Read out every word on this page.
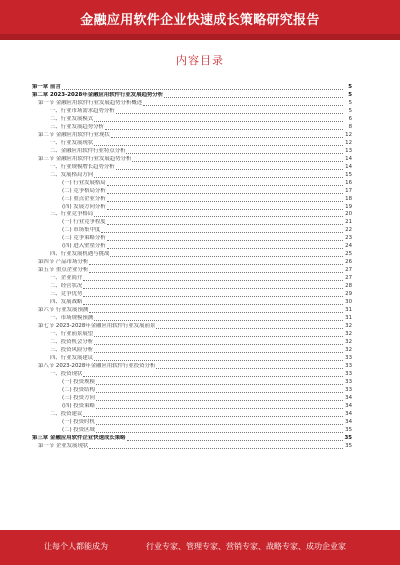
金融应用软件企业快速成长策略研究报告
内容目录
第一章 前言	5
第二章 2023-2028年金融应用软件行业发展趋势分析	5
第一节 金融应用软件行业发展趋势分析概述	5
一、行业市场需求趋势分析	5
二、行业发展模式	6
三、行业发展趋势分析	8
第二节 金融应用软件行业现状	12
一、行业发展现状	12
二、金融应用软件行业特点分析	13
第三节 金融应用软件行业发展趋势分析	14
一、行业规模增长趋势分析	14
二、发展格局方向	15
(一) 行业发展格局	16
(二) 竞争格局分析	17
(三) 重点企业分析	18
(四) 发展方向分析	19
三、行业竞争格局	20
(一) 行业竞争程度	21
(二) 市场集中度	22
(三) 竞争策略分析	23
(四) 进入壁垒分析	24
四、行业发展机遇与挑战	25
第四节 产品市场分析	26
第五节 重点企业分析	27
一、企业简介	27
二、经营状况	28
三、竞争优势	29
四、发展战略	30
第六节 行业发展预测	31
一、市场规模预测	31
第七节 2023-2028年金融应用软件行业发展前景	32
一、行业前景展望	32
二、投资机会分析	32
三、投资风险分析	32
四、行业发展建议	33
第八节 2023-2028年金融应用软件行业投资分析	33
一、投资现状	33
(一) 投资规模	33
(二) 投资结构	33
(三) 投资方向	34
(四) 投资策略	34
二、投资建议	34
(一) 投资时机	34
(二) 投资区域	35
第三章 金融应用软件企业快速成长策略	35
第一节 企业发展现状	35
让每个人都能成为	行业专家、管理专家、营销专家、战略专家、成功企业家
